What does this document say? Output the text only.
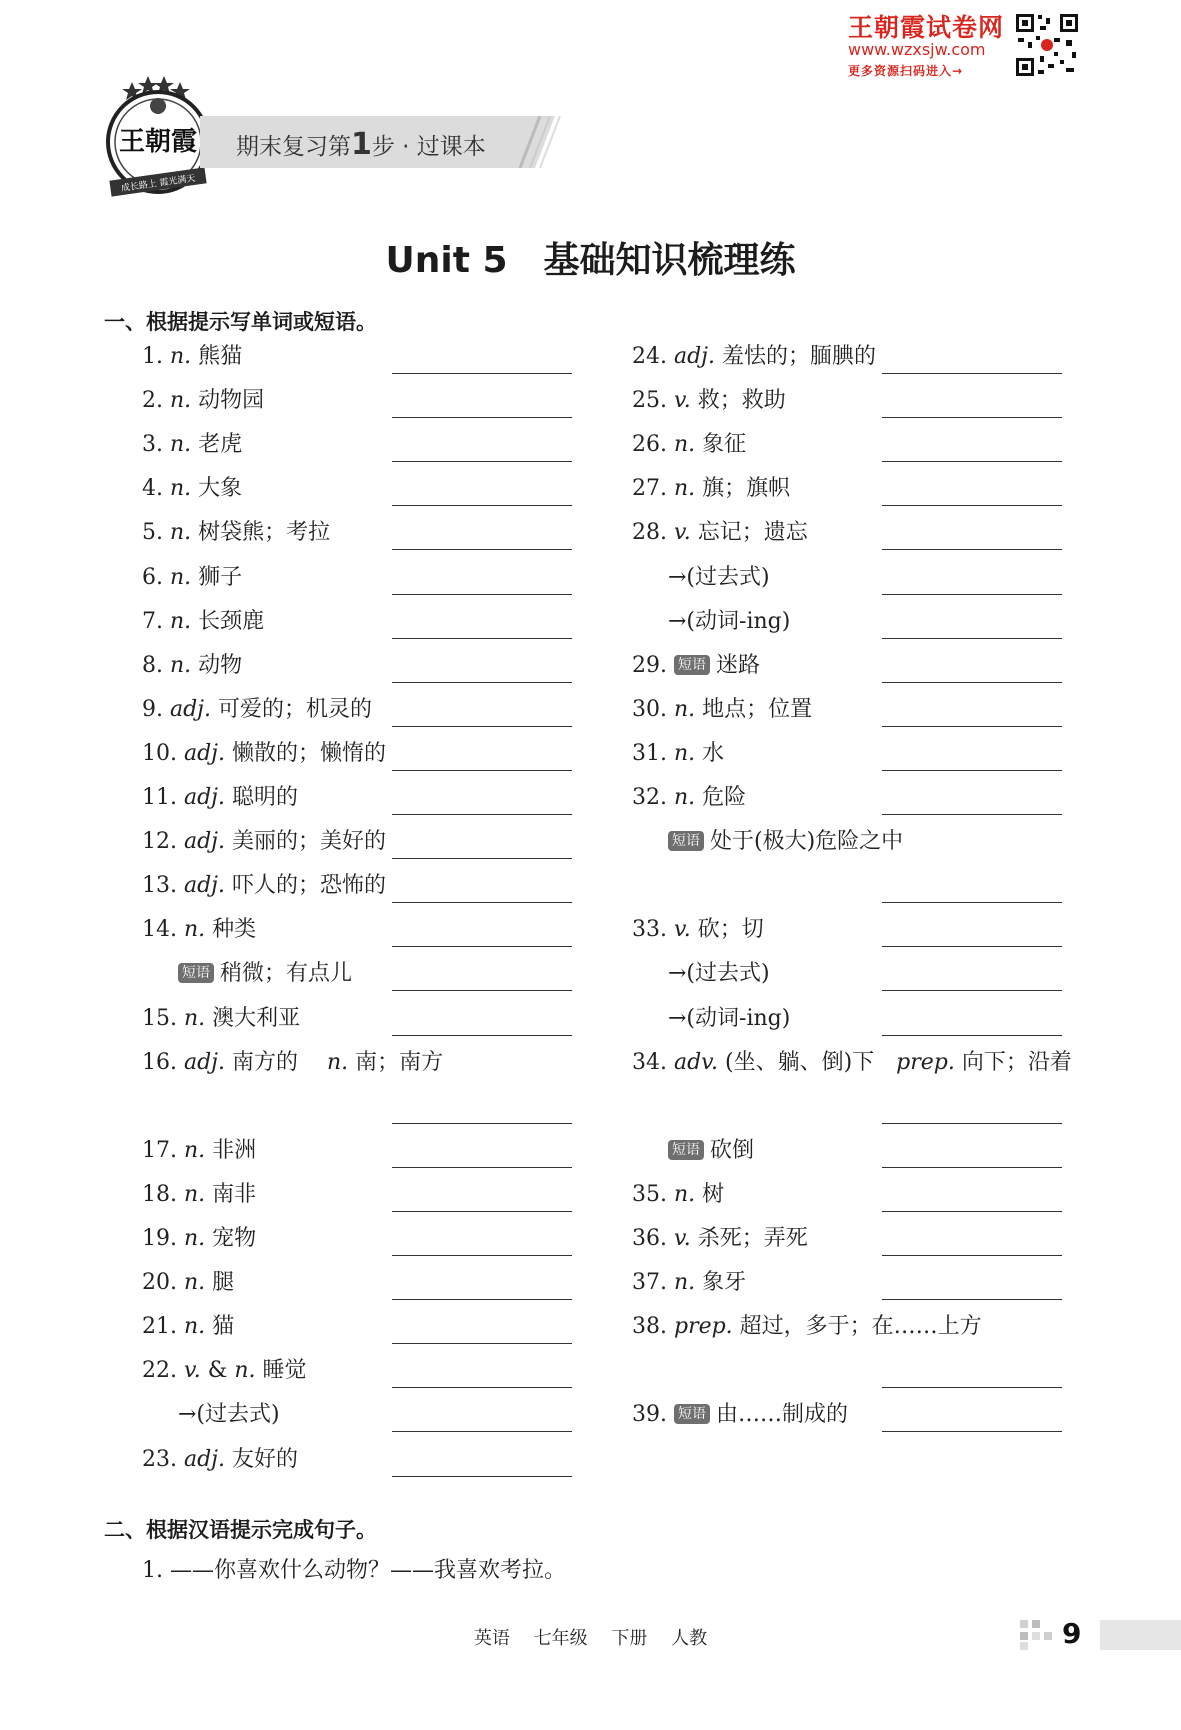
王朝霞试卷网
www.wzxsjw.com
更多资源扫码进入→
王朝霞
成长路上 霞光满天
期末复习第1步 · 过课本
Unit 5　基础知识梳理练
一、根据提示写单词或短语。
1. n. 熊猫
2. n. 动物园
3. n. 老虎
4. n. 大象
5. n. 树袋熊；考拉
6. n. 狮子
7. n. 长颈鹿
8. n. 动物
9. adj. 可爱的；机灵的
10. adj. 懒散的；懒惰的
11. adj. 聪明的
12. adj. 美丽的；美好的
13. adj. 吓人的；恐怖的
14. n. 种类
短语 稍微；有点儿
15. n. 澳大利亚
16. adj. 南方的　 n. 南；南方
17. n. 非洲
18. n. 南非
19. n. 宠物
20. n. 腿
21. n. 猫
22. v. & n. 睡觉
→(过去式)
23. adj. 友好的
24. adj. 羞怯的；腼腆的
25. v. 救；救助
26. n. 象征
27. n. 旗；旗帜
28. v. 忘记；遗忘
→(过去式)
→(动词-ing)
29. 短语 迷路
30. n. 地点；位置
31. n. 水
32. n. 危险
短语 处于(极大)危险之中
33. v. 砍；切
→(过去式)
→(动词-ing)
34. adv. (坐、躺、倒)下　prep. 向下；沿着
短语 砍倒
35. n. 树
36. v. 杀死；弄死
37. n. 象牙
38. prep. 超过，多于；在……上方
39. 短语 由……制成的
二、根据汉语提示完成句子。
1. ——你喜欢什么动物？——我喜欢考拉。
英语 七年级 下册 人教	9
